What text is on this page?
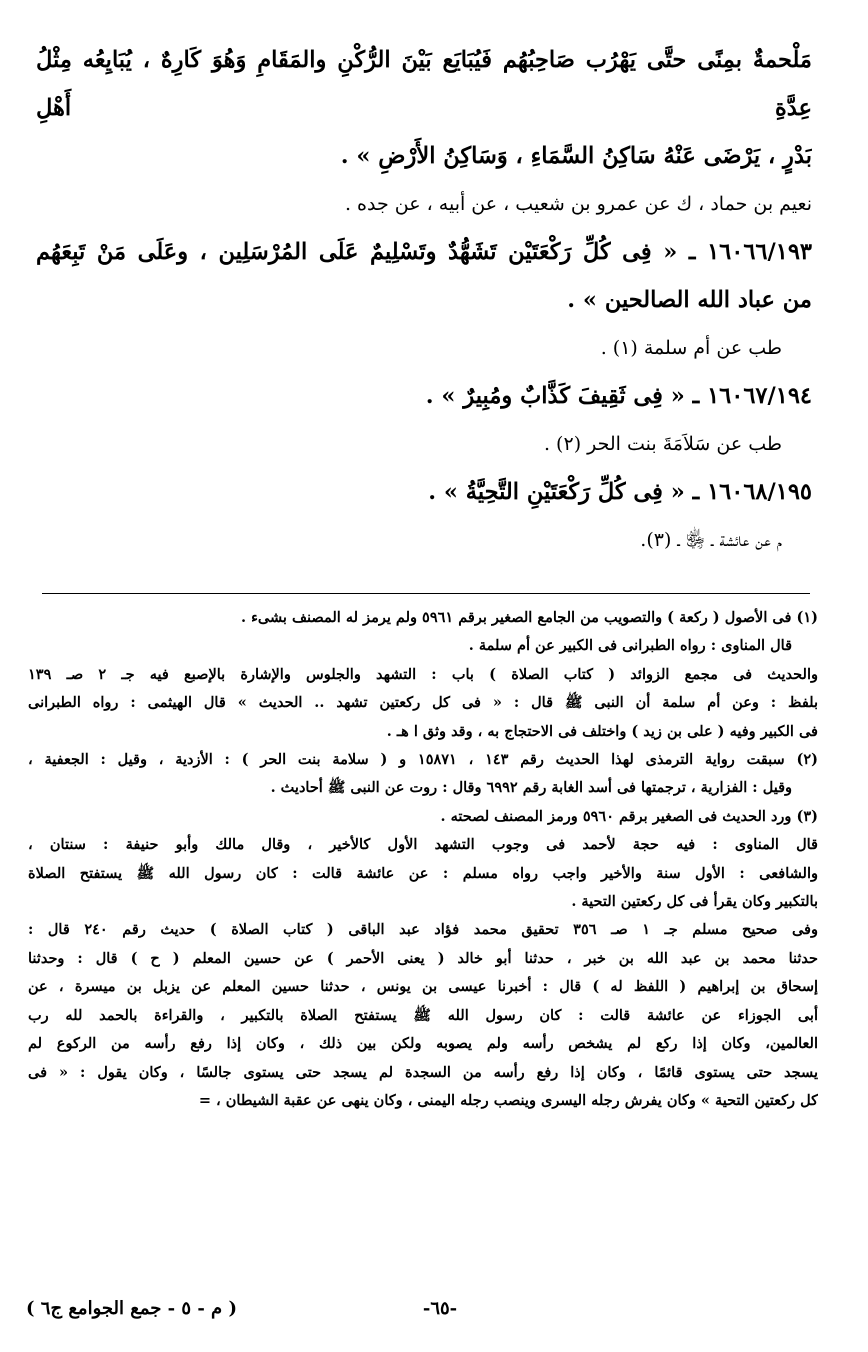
مَلْحمةٌ بمِنًى حتَّى يَهْرُب صَاحِبُهُم فَيُبَايَع بَيْنَ الرُّكْنِ والمَقَامِ وَهُوَ كَارِهٌ ، يُبَايِعُه مِثْلُ عِدَّةِ أَهْلِ

بَدْرٍ ، يَرْضَى عَنْهُ سَاكِنُ السَّمَاءِ ، وَسَاكِنُ الأَرْضِ » .

نعيم بن حماد ، ك عن عمرو بن شعيب ، عن أبيه ، عن جده .

١٦٠٦٦/١٩٣ ـ « فِى كُلِّ رَكْعَتَيْن تَشَهُّدٌ وتَسْلِيمٌ عَلَى المُرْسَلِين ، وعَلَى مَنْ تَبِعَهُم

من عباد الله الصالحين » .

طب عن أم سلمة (١) .

١٦٠٦٧/١٩٤ ـ « فِى ثَقِيفَ كَذَّابٌ ومُبِيرٌ » .

طب عن سَلاَمَةَ بنت الحر (٢) .

١٦٠٦٨/١٩٥ ـ « فِى كُلِّ رَكْعَتَيْنِ التَّحِيَّةُ » .

م عن عائشة ـ ﵂ ـ (٣).

(١) فى الأصول ( ركعة ) والتصويب من الجامع الصغير برقم ٥٩٦١ ولم يرمز له المصنف بشىء .

قال المناوى : رواه الطبرانى فى الكبير عن أم سلمة .

والحديث فى مجمع الزوائد ( كتاب الصلاة ) باب : التشهد والجلوس والإشارة بالإصبع فيه جـ ٢ صـ ١٣٩

بلفظ : وعن أم سلمة أن النبى ﷺ قال : « فى كل ركعتين تشهد .. الحديث » قال الهيثمى : رواه الطبرانى

فى الكبير وفيه ( على بن زيد ) واختلف فى الاحتجاج به ، وقد وثق ا هـ .

(٢) سبقت رواية الترمذى لهذا الحديث رقم ١٤٣ ، ١٥٨٧١ و ( سلامة بنت الحر ) : الأزدية ، وقيل : الجعفية ،

وقيل : الفزارية ، ترجمتها فى أسد الغابة رقم ٦٩٩٢ وقال : روت عن النبى ﷺ أحاديث .

(٣) ورد الحديث فى الصغير برقم ٥٩٦٠ ورمز المصنف لصحته .

قال المناوى : فيه حجة لأحمد فى وجوب التشهد الأول كالأخير ، وقال مالك وأبو حنيفة : سنتان ،

والشافعى : الأول سنة والأخير واجب رواه مسلم : عن عائشة قالت : كان رسول الله ﷺ يستفتح الصلاة

بالتكبير وكان يقرأ فى كل ركعتين التحية .

وفى صحيح مسلم جـ ١ صـ ٣٥٦ تحقيق محمد فؤاد عبد الباقى ( كتاب الصلاة ) حديث رقم ٢٤٠ قال :

حدثنا محمد بن عبد الله بن خبر ، حدثنا أبو خالد ( يعنى الأحمر ) عن حسين المعلم ( ح ) قال : وحدثنا

إسحاق بن إبراهيم ( اللفظ له ) قال : أخبرنا عيسى بن يونس ، حدثنا حسين المعلم عن يزبل بن ميسرة ، عن

أبى الجوزاء عن عائشة قالت : كان رسول الله ﷺ يستفتح الصلاة بالتكبير ، والقراءة بالحمد لله رب

العالمين، وكان إذا ركع لم يشخص رأسه ولم يصوبه ولكن بين ذلك ، وكان إذا رفع رأسه من الركوع لم

يسجد حتى يستوى قائمًا ، وكان إذا رفع رأسه من السجدة لم يسجد حتى يستوى جالسًا ، وكان يقول : « فى

كل ركعتين التحية » وكان يفرش رجله اليسرى وينصب رجله اليمنى ، وكان ينهى عن عقبة الشيطان ، =

-٦٥-
( م - ٥ - جمع الجوامع ج٦ )
